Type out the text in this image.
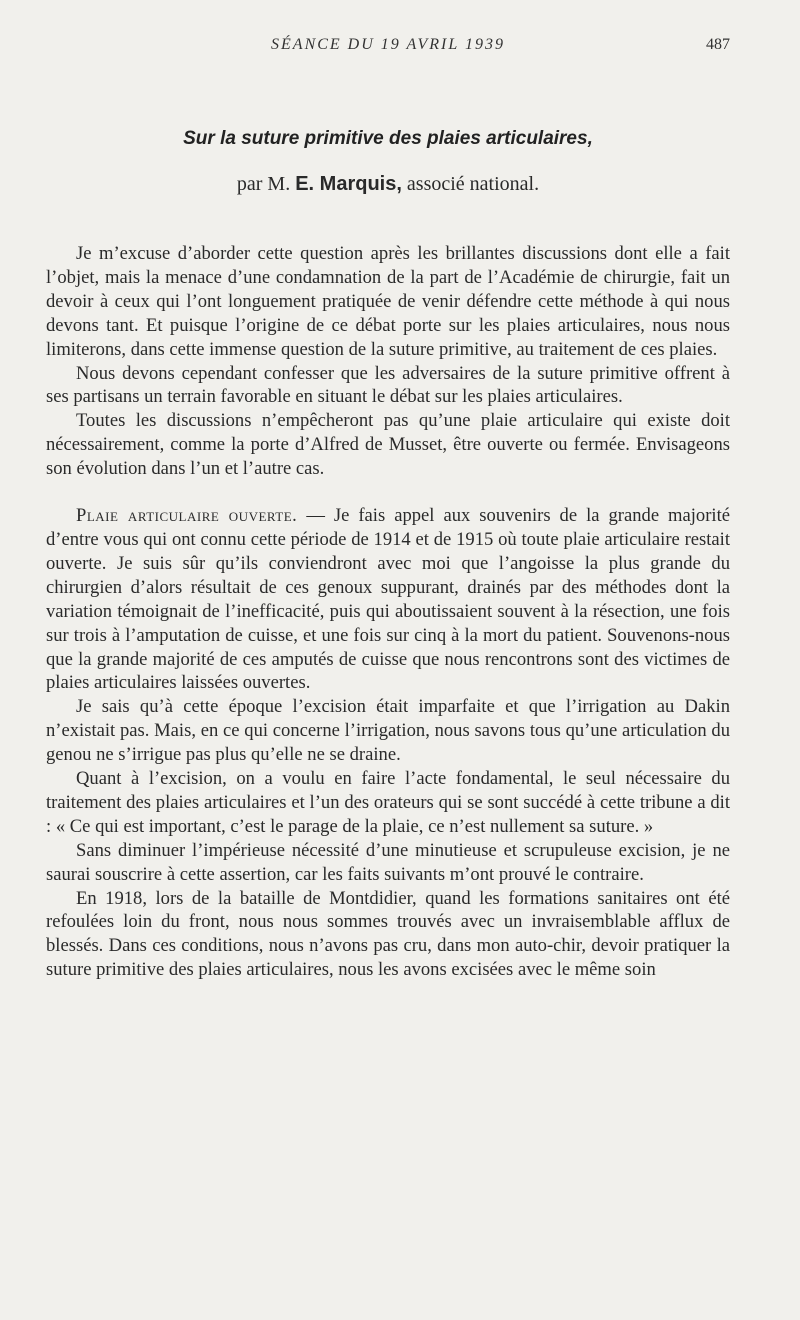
SÉANCE DU 19 AVRIL 1939	487
Sur la suture primitive des plaies articulaires,
par M. E. Marquis, associé national.

Je m’excuse d’aborder cette question après les brillantes discussions dont elle a fait l’objet, mais la menace d’une condamnation de la part de l’Académie de chirurgie, fait un devoir à ceux qui l’ont longuement pratiquée de venir défendre cette méthode à qui nous devons tant. Et puisque l’origine de ce débat porte sur les plaies articulaires, nous nous limiterons, dans cette immense question de la suture primitive, au traitement de ces plaies.

Nous devons cependant confesser que les adversaires de la suture primitive offrent à ses partisans un terrain favorable en situant le débat sur les plaies articulaires.

Toutes les discussions n’empêcheront pas qu’une plaie articulaire qui existe doit nécessairement, comme la porte d’Alfred de Musset, être ouverte ou fermée. Envisageons son évolution dans l’un et l’autre cas.

Plaie articulaire ouverte. — Je fais appel aux souvenirs de la grande majorité d’entre vous qui ont connu cette période de 1914 et de 1915 où toute plaie articulaire restait ouverte. Je suis sûr qu’ils conviendront avec moi que l’angoisse la plus grande du chirurgien d’alors résultait de ces genoux suppurant, drainés par des méthodes dont la variation témoignait de l’inefficacité, puis qui aboutissaient souvent à la résection, une fois sur trois à l’amputation de cuisse, et une fois sur cinq à la mort du patient. Souvenons-nous que la grande majorité de ces amputés de cuisse que nous rencontrons sont des victimes de plaies articulaires laissées ouvertes.

Je sais qu’à cette époque l’excision était imparfaite et que l’irrigation au Dakin n’existait pas. Mais, en ce qui concerne l’irrigation, nous savons tous qu’une articulation du genou ne s’irrigue pas plus qu’elle ne se draine.

Quant à l’excision, on a voulu en faire l’acte fondamental, le seul nécessaire du traitement des plaies articulaires et l’un des orateurs qui se sont succédé à cette tribune a dit : « Ce qui est important, c’est le parage de la plaie, ce n’est nullement sa suture. »

Sans diminuer l’impérieuse nécessité d’une minutieuse et scrupuleuse excision, je ne saurai souscrire à cette assertion, car les faits suivants m’ont prouvé le contraire.

En 1918, lors de la bataille de Montdidier, quand les formations sanitaires ont été refoulées loin du front, nous nous sommes trouvés avec un invraisemblable afflux de blessés. Dans ces conditions, nous n’avons pas cru, dans mon auto-chir, devoir pratiquer la suture primitive des plaies articulaires, nous les avons excisées avec le même soin
